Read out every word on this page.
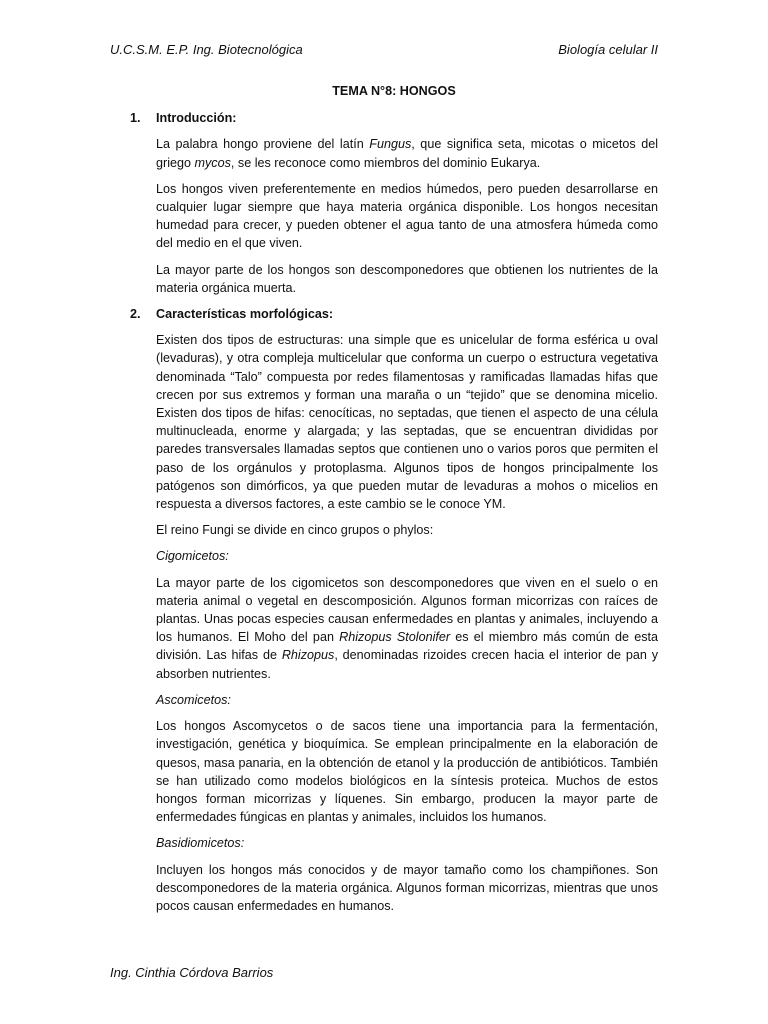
U.C.S.M. E.P. Ing. Biotecnológica	Biología celular II
TEMA N°8: HONGOS
1.	Introducción:

La palabra hongo proviene del latín Fungus, que significa seta, micotas o micetos del griego mycos, se les reconoce como miembros del dominio Eukarya.

Los hongos viven preferentemente en medios húmedos, pero pueden desarrollarse en cualquier lugar siempre que haya materia orgánica disponible. Los hongos necesitan humedad para crecer, y pueden obtener el agua tanto de una atmosfera húmeda como del medio en el que viven.

La mayor parte de los hongos son descomponedores que obtienen los nutrientes de la materia orgánica muerta.

2.	Características morfológicas:

Existen dos tipos de estructuras: una simple que es unicelular de forma esférica u oval (levaduras), y otra compleja multicelular que conforma un cuerpo o estructura vegetativa denominada “Talo” compuesta por redes filamentosas y ramificadas llamadas hifas que crecen por sus extremos y forman una maraña o un “tejido” que se denomina micelio. Existen dos tipos de hifas: cenocíticas, no septadas, que tienen el aspecto de una célula multinucleada, enorme y alargada; y las septadas, que se encuentran divididas por paredes transversales llamadas septos que contienen uno o varios poros que permiten el paso de los orgánulos y protoplasma. Algunos tipos de hongos principalmente los patógenos son dimórficos, ya que pueden mutar de levaduras a mohos o micelios en respuesta a diversos factores, a este cambio se le conoce YM.

El reino Fungi se divide en cinco grupos o phylos:

Cigomicetos:

La mayor parte de los cigomicetos son descomponedores que viven en el suelo o en materia animal o vegetal en descomposición. Algunos forman micorrizas con raíces de plantas. Unas pocas especies causan enfermedades en plantas y animales, incluyendo a los humanos. El Moho del pan Rhizopus Stolonifer es el miembro más común de esta división. Las hifas de Rhizopus, denominadas rizoides crecen hacia el interior de pan y absorben nutrientes.

Ascomicetos:

Los hongos Ascomycetos o de sacos tiene una importancia para la fermentación, investigación, genética y bioquímica. Se emplean principalmente en la elaboración de quesos, masa panaria, en la obtención de etanol y la producción de antibióticos. También se han utilizado como modelos biológicos en la síntesis proteica. Muchos de estos hongos forman micorrizas y líquenes. Sin embargo, producen la mayor parte de enfermedades fúngicas en plantas y animales, incluidos los humanos.

Basidiomicetos:

Incluyen los hongos más conocidos y de mayor tamaño como los champiñones. Son descomponedores de la materia orgánica. Algunos forman micorrizas, mientras que unos pocos causan enfermedades en humanos.

Ing. Cinthia Córdova Barrios
